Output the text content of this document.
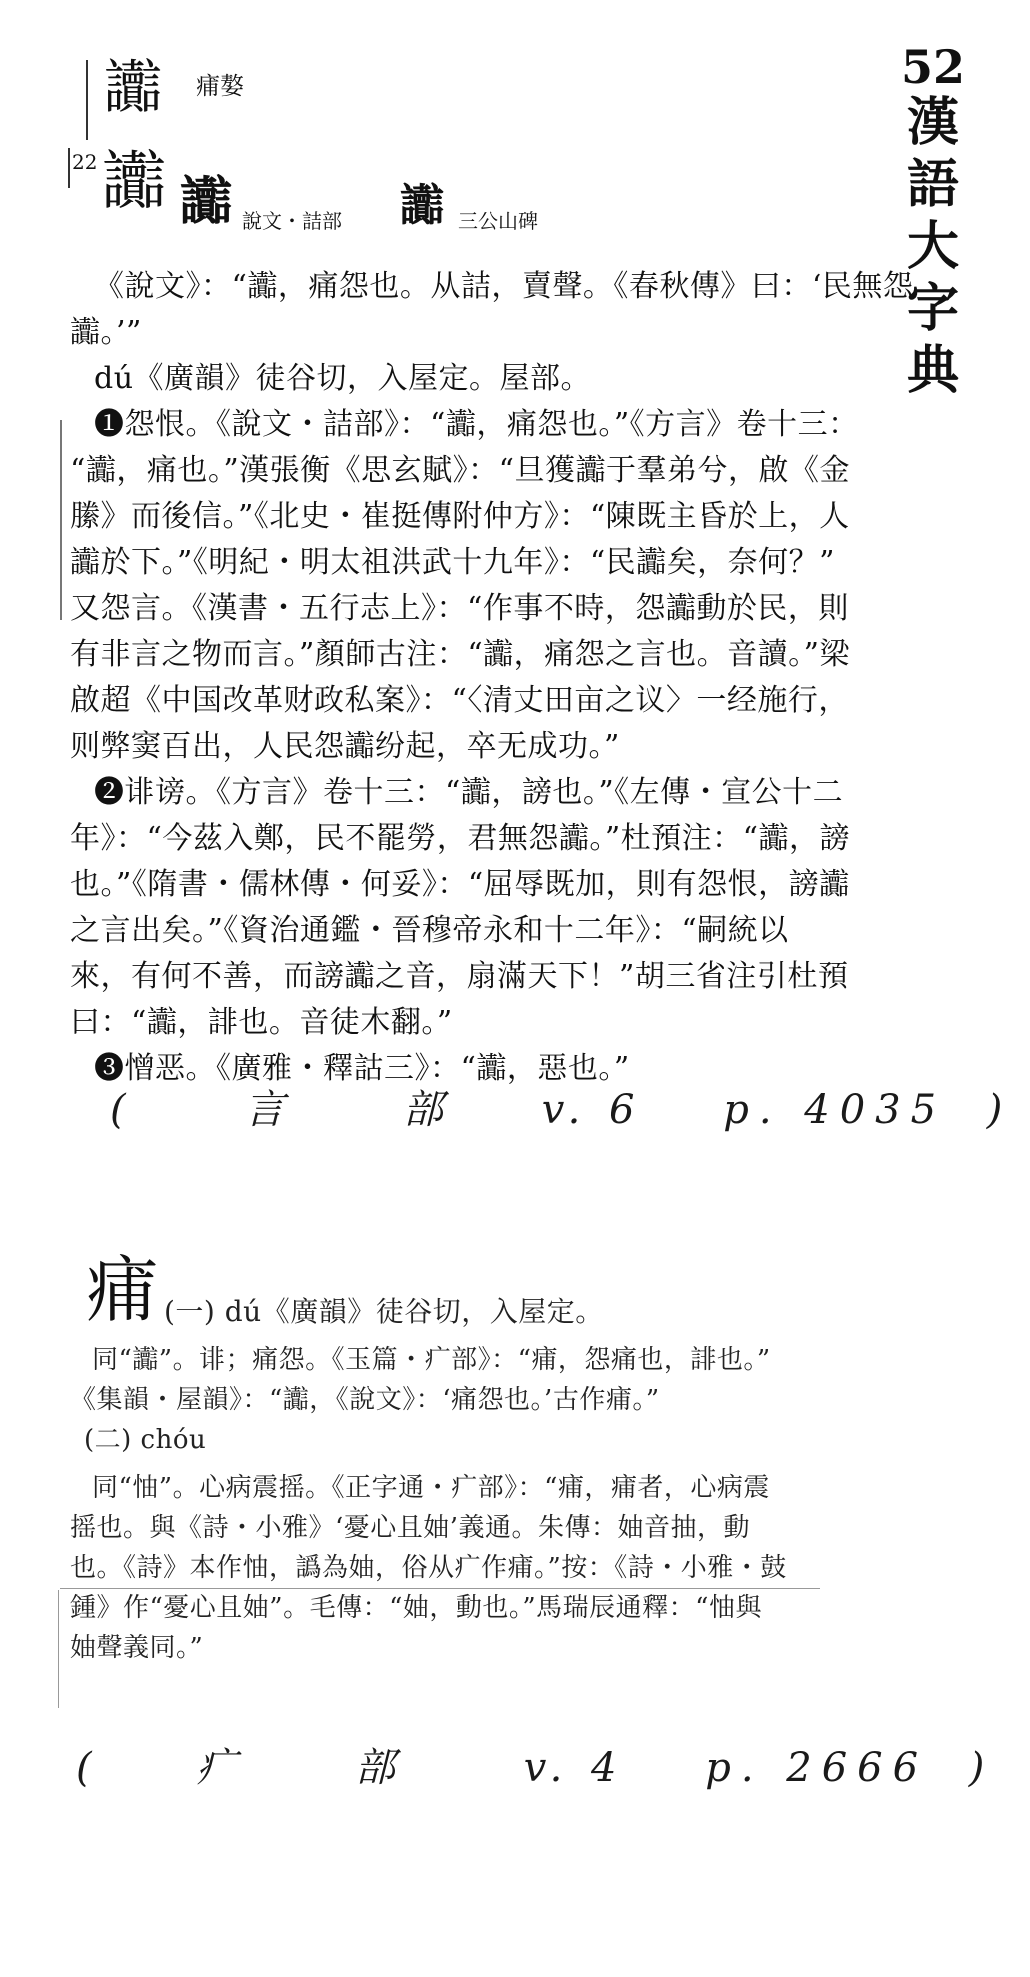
52
漢
語
大
字
典
讟 痡嫯
22 讟 讟 說文・詰部 讟 三公山碑
《說文》：“讟，痛怨也。从詰，賣聲。《春秋傳》曰：‘民無怨
讟。’”
dú《廣韻》徒谷切，入屋定。屋部。
❶怨恨。《說文・詰部》：“讟，痛怨也。”《方言》卷十三：
“讟，痛也。”漢張衡《思玄賦》：“旦獲讟于羣弟兮，啟《金
縢》而後信。”《北史・崔挺傳附仲方》：“陳既主昏於上，人
讟於下。”《明紀・明太祖洪武十九年》：“民讟矣，奈何？”
又怨言。《漢書・五行志上》：“作事不時，怨讟動於民，則
有非言之物而言。”顏師古注：“讟，痛怨之言也。音讀。”梁
啟超《中国改革财政私案》：“〈清丈田亩之议〉一经施行，
则弊窦百出，人民怨讟纷起，卒无成功。”
❷诽谤。《方言》卷十三：“讟，謗也。”《左傳・宣公十二
年》：“今茲入鄭，民不罷勞，君無怨讟。”杜預注：“讟，謗
也。”《隋書・儒林傳・何妥》：“屈辱既加，則有怨恨，謗讟
之言出矣。”《資治通鑑・晉穆帝永和十二年》：“嗣統以
來，有何不善，而謗讟之音，扇滿天下！”胡三省注引杜預
曰：“讟，誹也。音徒木翻。”
❸憎恶。《廣雅・釋詁三》：“讟，惡也。”
( 言 部 v. 6 p. 4035 )
痡 (一) dú《廣韻》徒谷切，入屋定。
同“讟”。诽；痛怨。《玉篇・疒部》：“痡，怨痛也，誹也。”
《集韻・屋韻》：“讟，《說文》：‘痛怨也。’古作痡。”
(二) chóu
同“怞”。心病震摇。《正字通・疒部》：“痡，痡者，心病震
摇也。與《詩・小雅》‘憂心且妯’義通。朱傳：妯音抽，動
也。《詩》本作怞，譌為妯，俗从疒作痡。”按：《詩・小雅・鼓
鍾》作“憂心且妯”。毛傳：“妯，動也。”馬瑞辰通釋：“怞與
妯聲義同。”
( 疒 部	v. 4 p. 2666 )
